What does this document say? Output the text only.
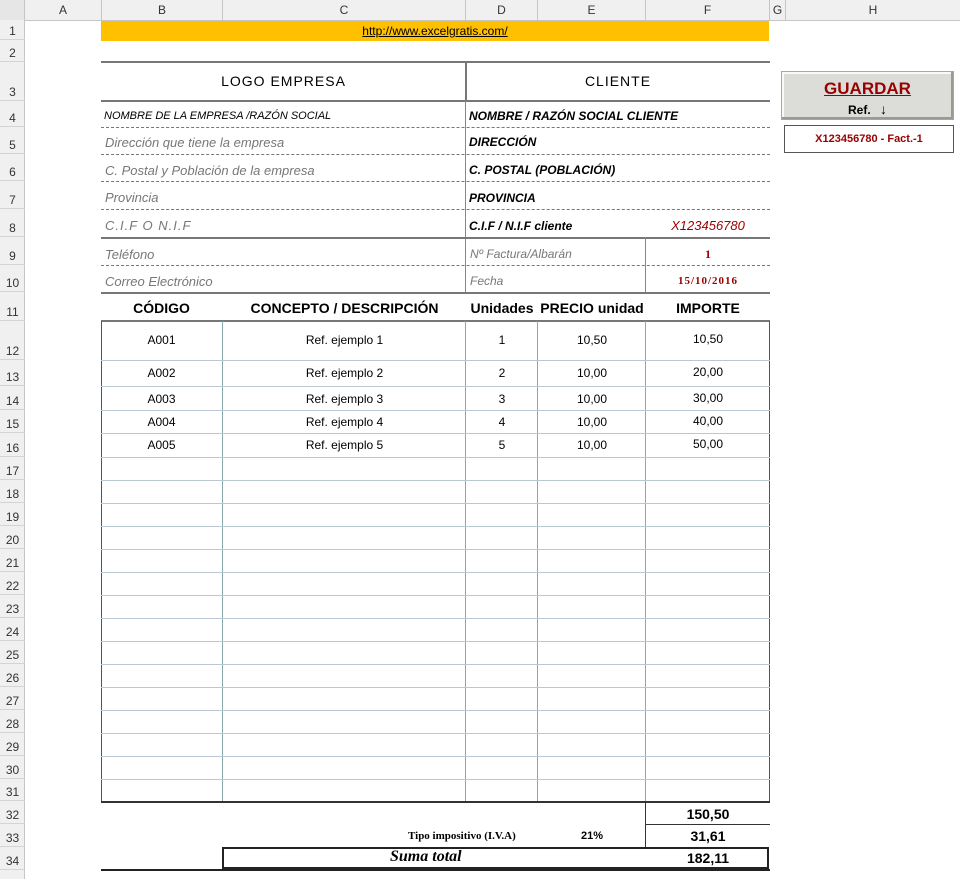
A	B	C	D	E	F	G	H
1
2
3
4
5
6
7
8
9
10
11
12
13
14
15
16
17
18
19
20
21
22
23
24
25
26
27
28
29
30
31
32
33
34
http://www.excelgratis.com/
LOGO EMPRESA	CLIENTE
NOMBRE DE LA EMPRESA /RAZÓN SOCIAL	NOMBRE / RAZÓN SOCIAL CLIENTE
Dirección que tiene la empresa	DIRECCIÓN
C. Postal y Población de la empresa	C. POSTAL (POBLACIÓN)
Provincia	PROVINCIA
C.I.F O N.I.F	C.I.F / N.I.F cliente	X123456780
Teléfono	Nº Factura/Albarán	1
Correo Electrónico	Fecha	15/10/2016
GUARDAR
Ref. ↓
X123456780 - Fact.-1
CÓDIGO	CONCEPTO / DESCRIPCIÓN	Unidades PRECIO unidad	IMPORTE
A001	Ref. ejemplo 1	1	10,50	10,50
A002	Ref. ejemplo 2	2	10,00	20,00
A003	Ref. ejemplo 3	3	10,00	30,00
A004	Ref. ejemplo 4	4	10,00	40,00
A005	Ref. ejemplo 5	5	10,00	50,00
150,50
Tipo impositivo (I.V.A)	21%	31,61
Suma total	182,11
